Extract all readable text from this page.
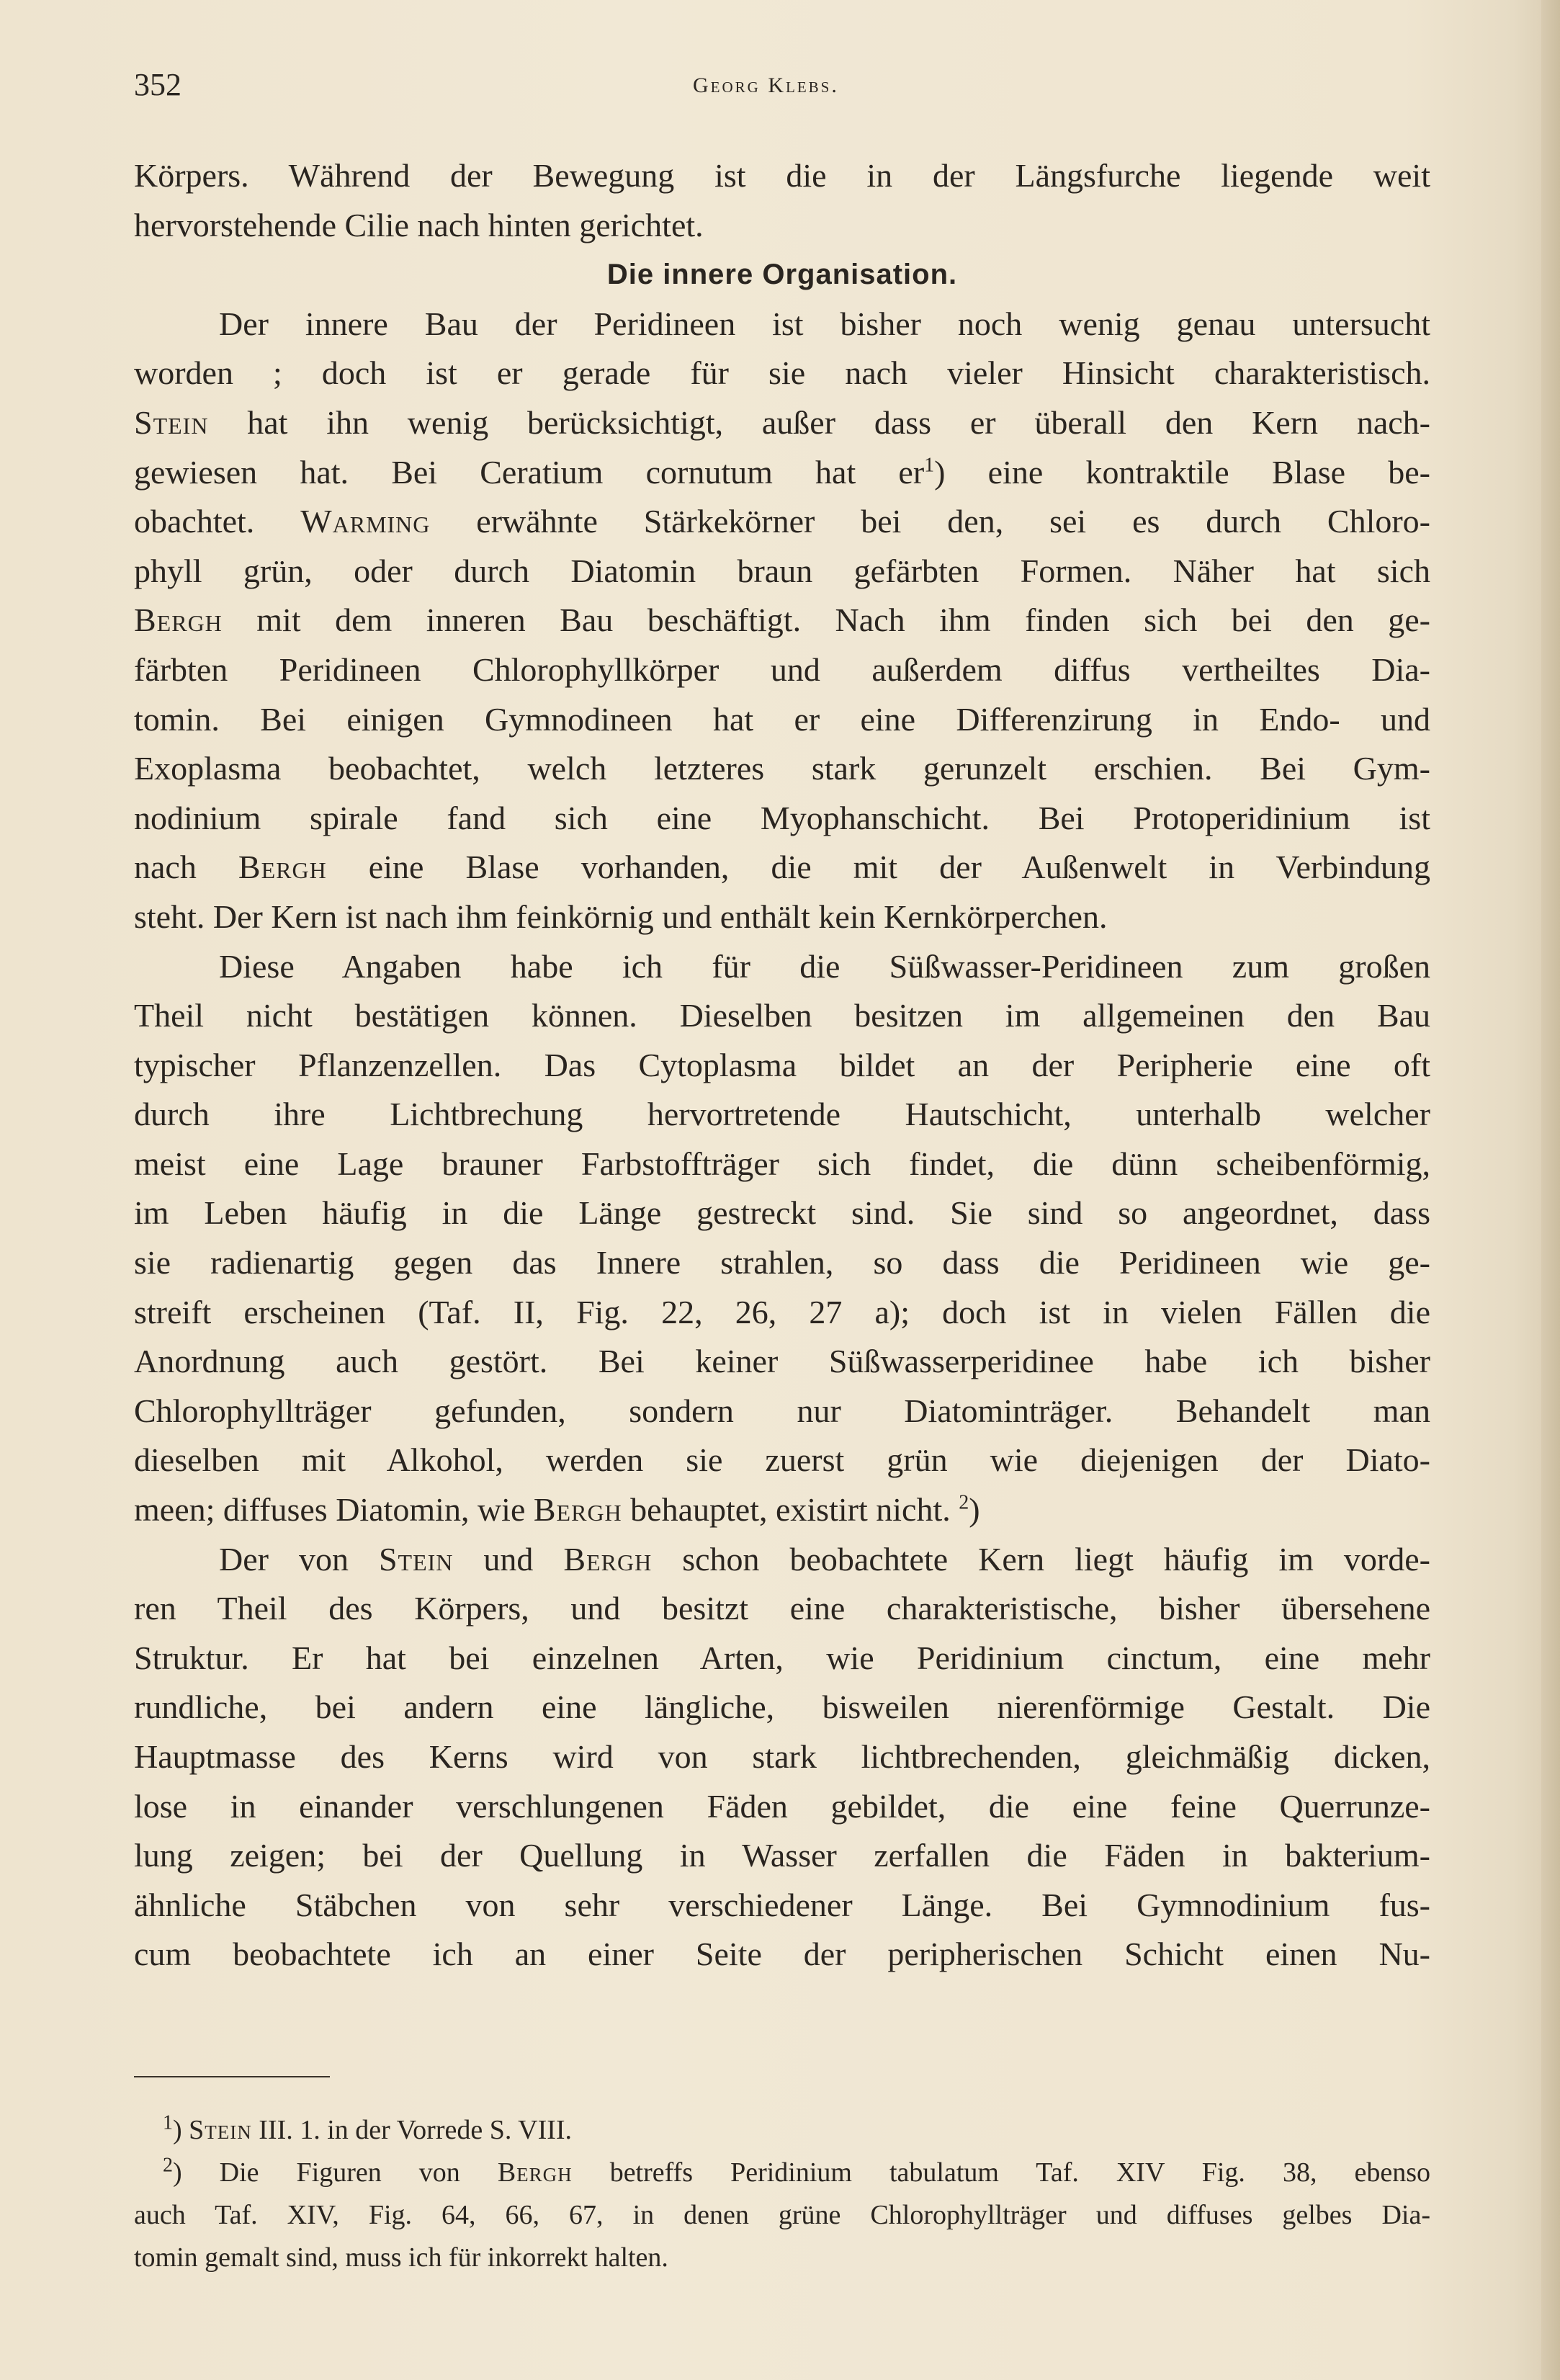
352	Georg Klebs.
Körpers. Während der Bewegung ist die in der Längsfurche liegende weit
hervorstehende Cilie nach hinten gerichtet.
Die innere Organisation.
Der innere Bau der Peridineen ist bisher noch wenig genau untersucht
worden ; doch ist er gerade für sie nach vieler Hinsicht charakteristisch.
Stein hat ihn wenig berücksichtigt, außer dass er überall den Kern nach-
gewiesen hat. Bei Ceratium cornutum hat $er^1$) eine kontraktile Blase be-
obachtet. Warming erwähnte Stärkekörner bei den, sei es durch Chloro-
phyll grün, oder durch Diatomin braun gefärbten Formen. Näher hat sich
Bergh mit dem inneren Bau beschäftigt. Nach ihm finden sich bei den ge-
färbten Peridineen Chlorophyllkörper und außerdem diffus vertheiltes Dia-
tomin. Bei einigen Gymnodineen hat er eine Differenzirung in Endo- und
Exoplasma beobachtet, welch letzteres stark gerunzelt erschien. Bei Gym-
nodinium spirale fand sich eine Myophanschicht. Bei Protoperidinium ist
nach Bergh eine Blase vorhanden, die mit der Außenwelt in Verbindung
steht. Der Kern ist nach ihm feinkörnig und enthält kein Kernkörperchen.
Diese Angaben habe ich für die Süßwasser-Peridineen zum großen
Theil nicht bestätigen können. Dieselben besitzen im allgemeinen den Bau
typischer Pflanzenzellen. Das Cytoplasma bildet an der Peripherie eine oft
durch ihre Lichtbrechung hervortretende Hautschicht, unterhalb welcher
meist eine Lage brauner Farbstoffträger sich findet, die dünn scheibenförmig,
im Leben häufig in die Länge gestreckt sind. Sie sind so angeordnet, dass
sie radienartig gegen das Innere strahlen, so dass die Peridineen wie ge-
streift erscheinen (Taf. II, Fig. 22, 26, 27 a); doch ist in vielen Fällen die
Anordnung auch gestört. Bei keiner Süßwasserperidinee habe ich bisher
Chlorophyllträger gefunden, sondern nur Diatominträger. Behandelt man
dieselben mit Alkohol, werden sie zuerst grün wie diejenigen der Diato-
meen; diffuses Diatomin, wie Bergh behauptet, existirt nicht. $^2$)
Der von Stein und Bergh schon beobachtete Kern liegt häufig im vorde-
ren Theil des Körpers, und besitzt eine charakteristische, bisher übersehene
Struktur. Er hat bei einzelnen Arten, wie Peridinium cinctum, eine mehr
rundliche, bei andern eine längliche, bisweilen nierenförmige Gestalt. Die
Hauptmasse des Kerns wird von stark lichtbrechenden, gleichmäßig dicken,
lose in einander verschlungenen Fäden gebildet, die eine feine Querrunze-
lung zeigen; bei der Quellung in Wasser zerfallen die Fäden in bakterium-
ähnliche Stäbchen von sehr verschiedener Länge. Bei Gymnodinium fus-
cum beobachtete ich an einer Seite der peripherischen Schicht einen Nu-
$^1$) Stein III. 1. in der Vorrede S. VIII.
$^2$) Die Figuren von Bergh betreffs Peridinium tabulatum Taf. XIV Fig. 38, ebenso
auch Taf. XIV, Fig. 64, 66, 67, in denen grüne Chlorophyllträger und diffuses gelbes Dia-
tomin gemalt sind, muss ich für inkorrekt halten.
